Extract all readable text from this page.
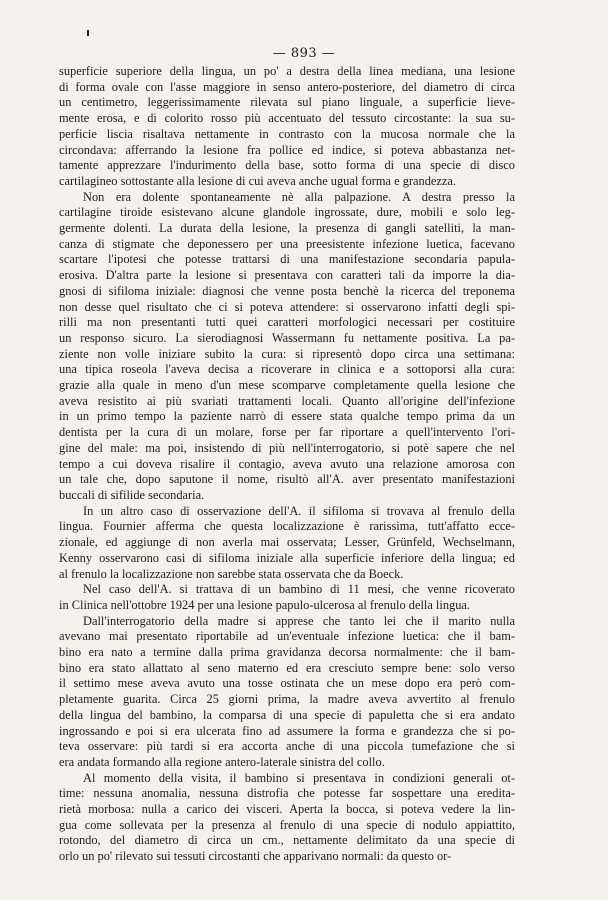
— 893 —
superficie superiore della lingua, un po' a destra della linea mediana, una lesione
di forma ovale con l'asse maggiore in senso antero-posteriore, del diametro di circa
un centimetro, leggerissimamente rilevata sul piano linguale, a superficie lieve-
mente erosa, e di colorito rosso più accentuato del tessuto circostante: la sua su-
perficie liscia risaltava nettamente in contrasto con la mucosa normale che la
circondava: afferrando la lesione fra pollice ed indice, si poteva abbastanza net-
tamente apprezzare l'indurimento della base, sotto forma di una specie di disco
cartilagineo sottostante alla lesione di cui aveva anche ugual forma e grandezza.
Non era dolente spontaneamente nè alla palpazione. A destra presso la
cartilagine tiroide esistevano alcune glandole ingrossate, dure, mobili e solo leg-
germente dolenti. La durata della lesione, la presenza di gangli satelliti, la man-
canza di stigmate che deponessero per una preesistente infezione luetica, facevano
scartare l'ipotesi che potesse trattarsi di una manifestazione secondaria papula-
erosiva. D'altra parte la lesione si presentava con caratteri tali da imporre la dia-
gnosi di sifiloma iniziale: diagnosi che venne posta benchè la ricerca del treponema
non desse quel risultato che ci si poteva attendere: si osservarono infatti degli spi-
rilli ma non presentanti tutti quei caratteri morfologici necessari per costituire
un responso sicuro. La sierodiagnosi Wassermann fu nettamente positiva. La pa-
ziente non volle iniziare subito la cura: si ripresentò dopo circa una settimana:
una tipica roseola l'aveva decisa a ricoverare in clinica e a sottoporsi alla cura:
grazie alla quale in meno d'un mese scomparve completamente quella lesione che
aveva resistito ai più svariati trattamenti locali. Quanto all'origine dell'infezione
in un primo tempo la paziente narrò di essere stata qualche tempo prima da un
dentista per la cura di un molare, forse per far riportare a quell'intervento l'ori-
gine del male: ma poi, insistendo di più nell'interrogatorio, si potè sapere che nel
tempo a cui doveva risalire il contagio, aveva avuto una relazione amorosa con
un tale che, dopo saputone il nome, risultò all'A. aver presentato manifestazioni
buccali di sifilide secondaria.
In un altro caso di osservazione dell'A. il sifiloma si trovava al frenulo della
lingua. Fournier afferma che questa localizzazione è rarissima, tutt'affatto ecce-
zionale, ed aggiunge di non averla mai osservata; Lesser, Grünfeld, Wechselmann,
Kenny osservarono casi di sifiloma iniziale alla superficie inferiore della lingua; ed
al frenulo la localizzazione non sarebbe stata osservata che da Boeck.
Nel caso dell'A. si trattava di un bambino di 11 mesi, che venne ricoverato
in Clinica nell'ottobre 1924 per una lesione papulo-ulcerosa al frenulo della lingua.
Dall'interrogatorio della madre si apprese che tanto lei che il marito nulla
avevano mai presentato riportabile ad un'eventuale infezione luetica: che il bam-
bino era nato a termine dalla prima gravidanza decorsa normalmente: che il bam-
bino era stato allattato al seno materno ed era cresciuto sempre bene: solo verso
il settimo mese aveva avuto una tosse ostinata che un mese dopo era però com-
pletamente guarita. Circa 25 giorni prima, la madre aveva avvertito al frenulo
della lingua del bambino, la comparsa di una specie di papuletta che si era andato
ingrossando e poi si era ulcerata fino ad assumere la forma e grandezza che si po-
teva osservare: più tardi si era accorta anche di una piccola tumefazione che si
era andata formando alla regione antero-laterale sinistra del collo.
Al momento della visita, il bambino si presentava in condizioni generali ot-
time: nessuna anomalia, nessuna distrofia che potesse far sospettare una eredita-
rietà morbosa: nulla a carico dei visceri. Aperta la bocca, si poteva vedere la lin-
gua come sollevata per la presenza al frenulo di una specie di nodulo appiattito,
rotondo, del diametro di circa un cm., nettamente delimitato da una specie di
orlo un po' rilevato sui tessuti circostanti che apparivano normali: da questo or-
